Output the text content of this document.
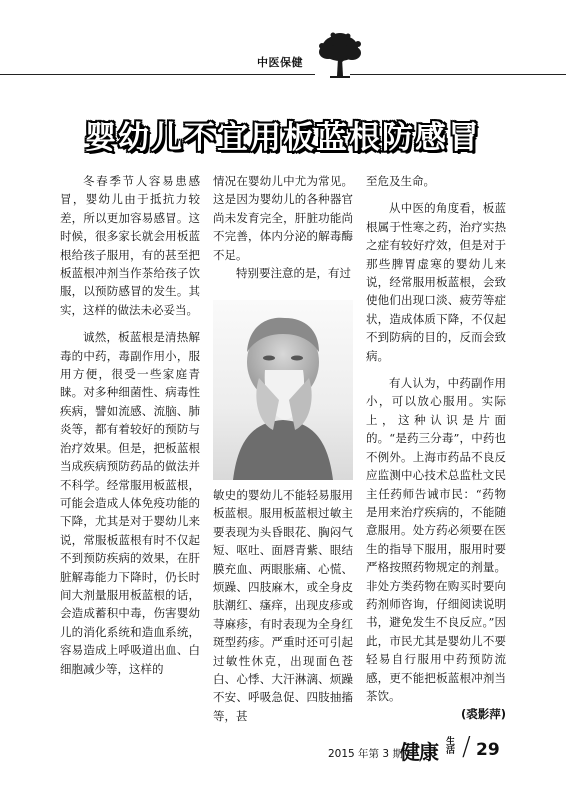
中医保健
婴幼儿不宜用板蓝根防感冒

冬春季节人容易患感冒，婴幼儿由于抵抗力较差，所以更加容易感冒。这时候，很多家长就会用板蓝根给孩子服用，有的甚至把板蓝根冲剂当作茶给孩子饮服，以预防感冒的发生。其实，这样的做法未必妥当。

诚然，板蓝根是清热解毒的中药，毒副作用小，服用方便，很受一些家庭青睐。对多种细菌性、病毒性疾病，譬如流感、流脑、肺炎等，都有着较好的预防与治疗效果。但是，把板蓝根当成疾病预防药品的做法并不科学。经常服用板蓝根，可能会造成人体免疫功能的下降，尤其是对于婴幼儿来说，常服板蓝根有时不仅起不到预防疾病的效果，在肝脏解毒能力下降时，仍长时间大剂量服用板蓝根的话，会造成蓄积中毒，伤害婴幼儿的消化系统和造血系统，容易造成上呼吸道出血、白细胞减少等，这样的

情况在婴幼儿中尤为常见。这是因为婴幼儿的各种器官尚未发育完全，肝脏功能尚不完善，体内分泌的解毒酶不足。

特别要注意的是，有过

敏史的婴幼儿不能轻易服用板蓝根。服用板蓝根过敏主要表现为头昏眼花、胸闷气短、呕吐、面唇青紫、眼结膜充血、两眼胀痛、心慌、烦躁、四肢麻木，或全身皮肤潮红、瘙痒，出现皮疹或荨麻疹，有时表现为全身红斑型药疹。严重时还可引起过敏性休克，出现面色苍白、心悸、大汗淋漓、烦躁不安、呼吸急促、四肢抽搐等，甚

至危及生命。

从中医的角度看，板蓝根属于性寒之药，治疗实热之症有较好疗效，但是对于那些脾胃虚寒的婴幼儿来说，经常服用板蓝根，会致使他们出现口淡、疲劳等症状，造成体质下降，不仅起不到防病的目的，反而会致病。

有人认为，中药副作用小，可以放心服用。实际上，这种认识是片面的。“是药三分毒”，中药也不例外。上海市药品不良反应监测中心技术总监杜文民主任药师告诫市民：“药物是用来治疗疾病的，不能随意服用。处方药必须要在医生的指导下服用，服用时要严格按照药物规定的剂量。非处方类药物在购买时要向药剂师咨询，仔细阅读说明书，避免发生不良反应。”因此，市民尤其是婴幼儿不要轻易自行服用中药预防流感，更不能把板蓝根冲剂当茶饮。

(裘影萍)

2015 年第 3 期
健康 生活 / 29
